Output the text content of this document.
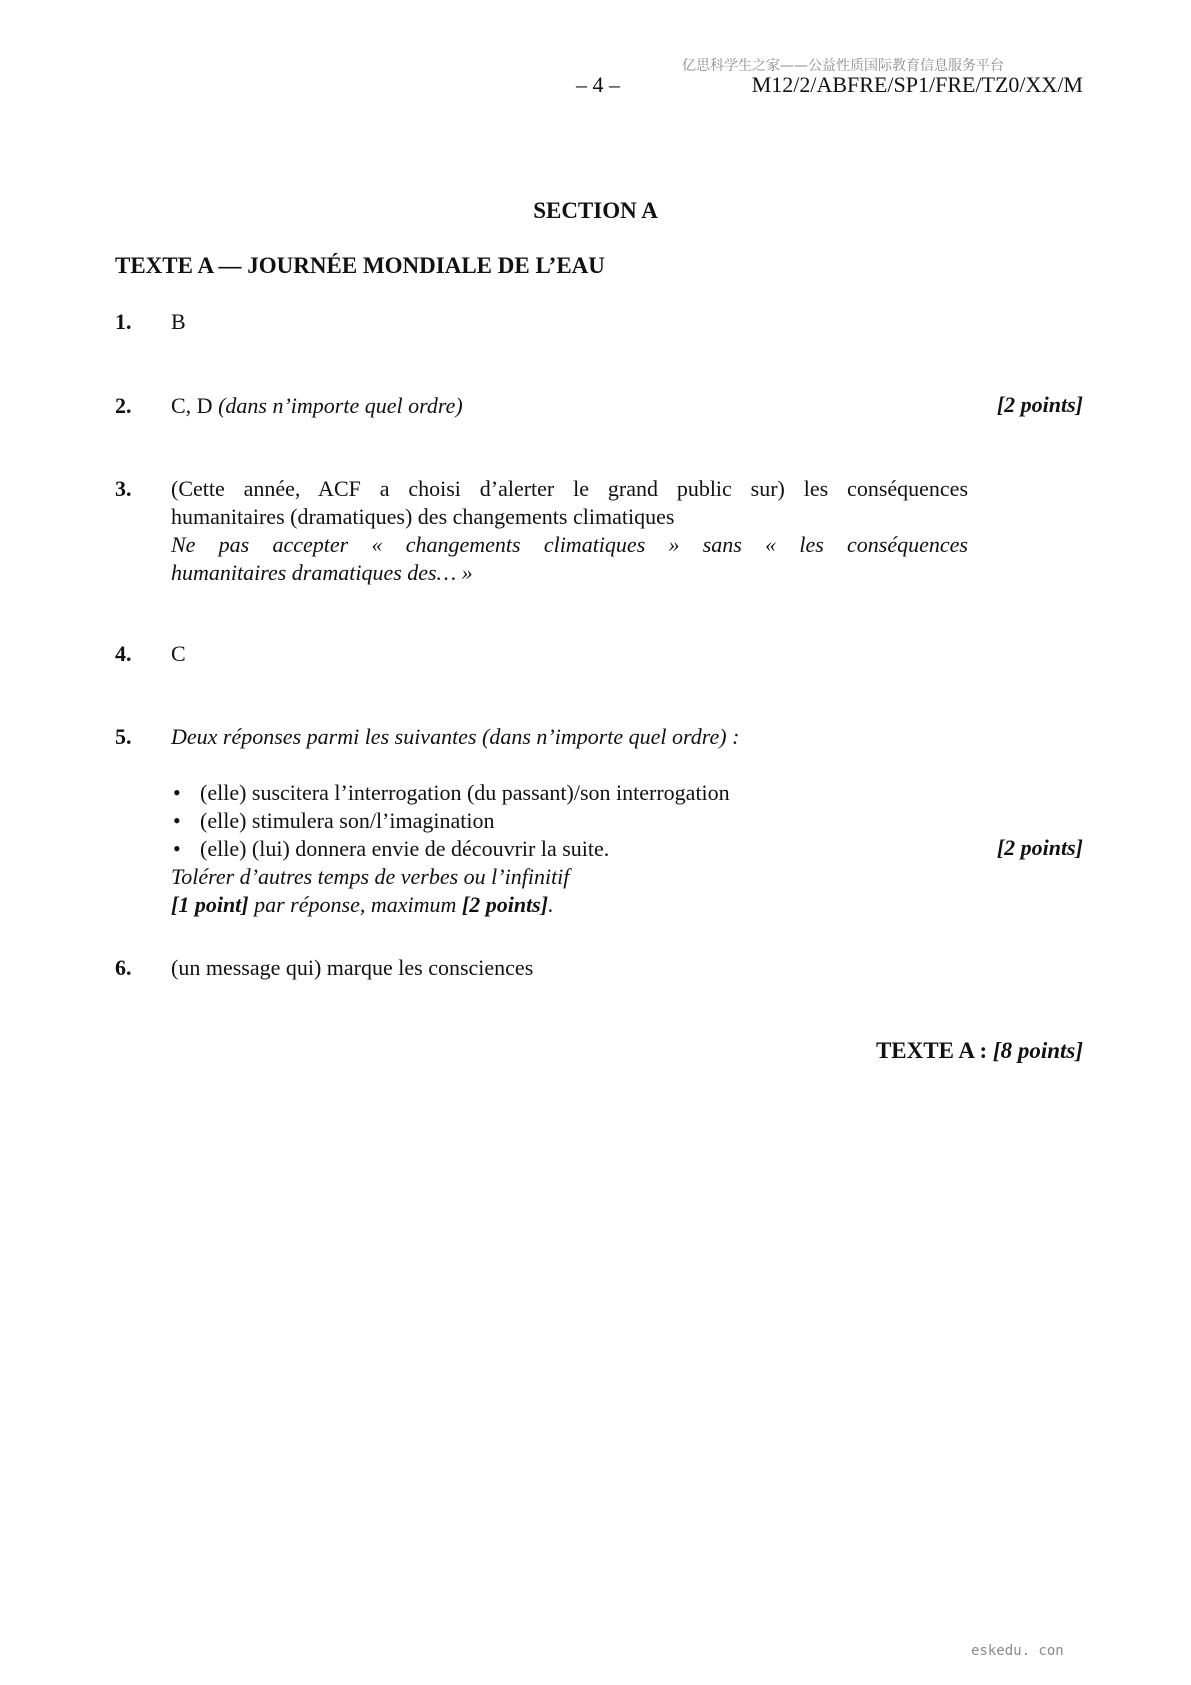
亿思科学生之家——公益性质国际教育信息服务平台
– 4 –	M12/2/ABFRE/SP1/FRE/TZ0/XX/M
SECTION A
TEXTE A — JOURNÉE MONDIALE DE L’EAU
1. B
2. C, D (dans n’importe quel ordre)	[2 points]
3. (Cette année, ACF a choisi d’alerter le grand public sur) les conséquences
humanitaires (dramatiques) des changements climatiques
Ne pas accepter « changements climatiques » sans « les conséquences
humanitaires dramatiques des… »
4. C
5. Deux réponses parmi les suivantes (dans n’importe quel ordre) :
• (elle) suscitera l’interrogation (du passant)/son interrogation
• (elle) stimulera son/l’imagination
• (elle) (lui) donnera envie de découvrir la suite.
Tolérer d’autres temps de verbes ou l’infinitif
[1 point] par réponse, maximum [2 points].
[2 points]
6. (un message qui) marque les consciences
TEXTE A : [8 points]
eskedu. con
